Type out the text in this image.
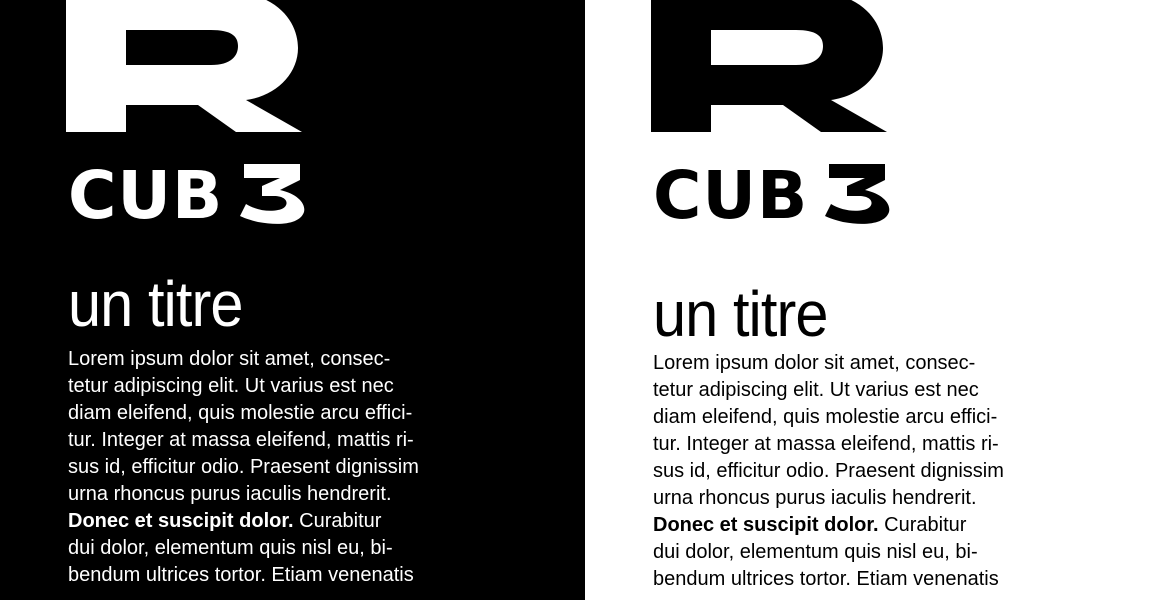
CUB
un titre

Lorem ipsum dolor sit amet, consec-
tetur adipiscing elit. Ut varius est nec
diam eleifend, quis molestie arcu effici-
tur. Integer at massa eleifend, mattis ri-
sus id, efficitur odio. Praesent dignissim
urna rhoncus purus iaculis hendrerit.
Donec et suscipit dolor. Curabitur
dui dolor, elementum quis nisl eu, bi-
bendum ultrices tortor. Etiam venenatis

CUB
un titre

Lorem ipsum dolor sit amet, consec-
tetur adipiscing elit. Ut varius est nec
diam eleifend, quis molestie arcu effici-
tur. Integer at massa eleifend, mattis ri-
sus id, efficitur odio. Praesent dignissim
urna rhoncus purus iaculis hendrerit.
Donec et suscipit dolor. Curabitur
dui dolor, elementum quis nisl eu, bi-
bendum ultrices tortor. Etiam venenatis
